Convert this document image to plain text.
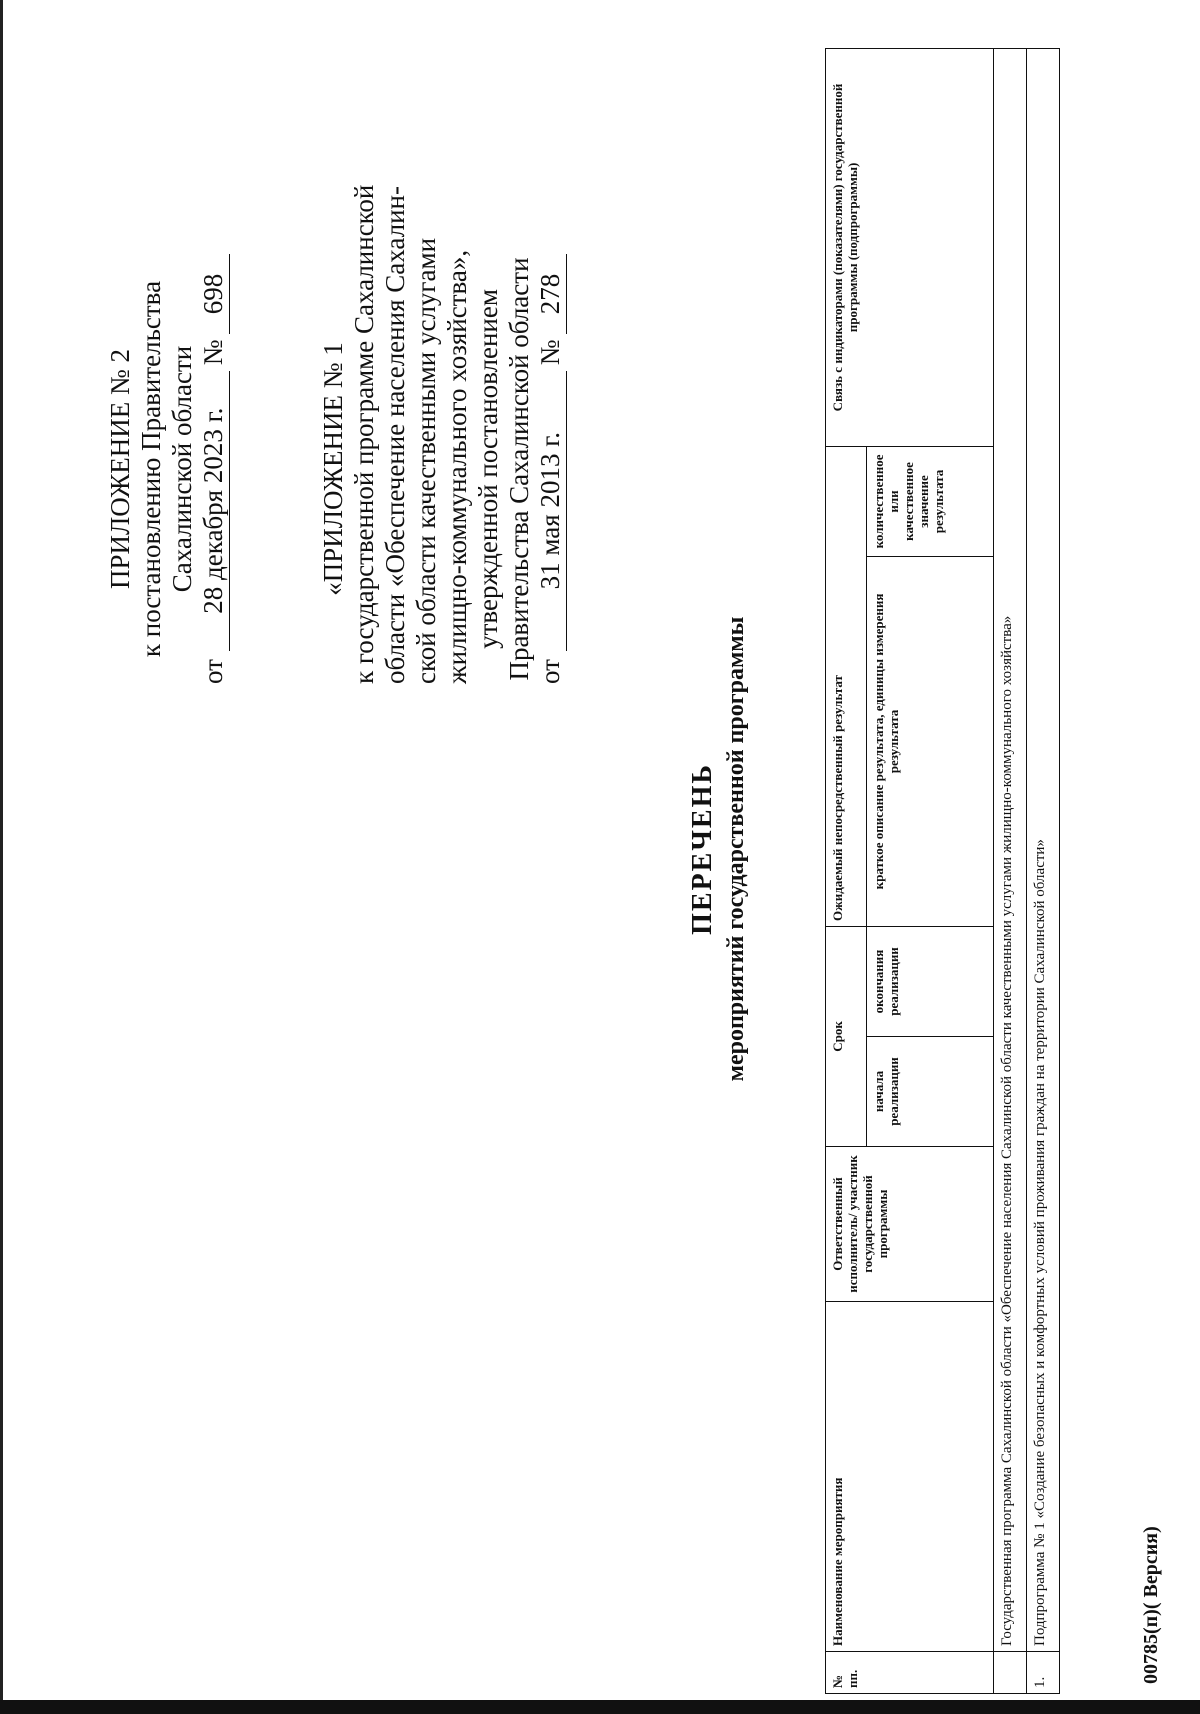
ПРИЛОЖЕНИЕ № 2 к постановлению Правительства Сахалинской области
от
28 декабря 2023 г.
№
698
«ПРИЛОЖЕНИЕ № 1 к государственной программе Сахалинской области «Обеспечение населения Сахалин- ской области качественными услугами жилищно-коммунального хозяйства», утвержденной постановлением Правительства Сахалинской области от
31 мая 2013 г.
№
278
ПЕРЕЧЕНЬ мероприятий государственной программы
№ пп.	Наименование мероприятия	Ответственный исполнитель/ участник государственной программы	Срок		Ожидаемый непосредственный результат		Связь с индикаторами (показателями) государственной программы (подпрограммы)
			начала реализации	окончания реализации	краткое описание результата, единицы измерения результата	количественное или качественное значение результата	
	Государственная программа Сахалинской области «Обеспечение населения Сахалинской области качественными услугами жилищно-коммунального хозяйства»						
1.	Подпрограмма № 1 «Создание безопасных и комфортных условий проживания граждан на территории Сахалинской области»							00785(п)( Версия)
